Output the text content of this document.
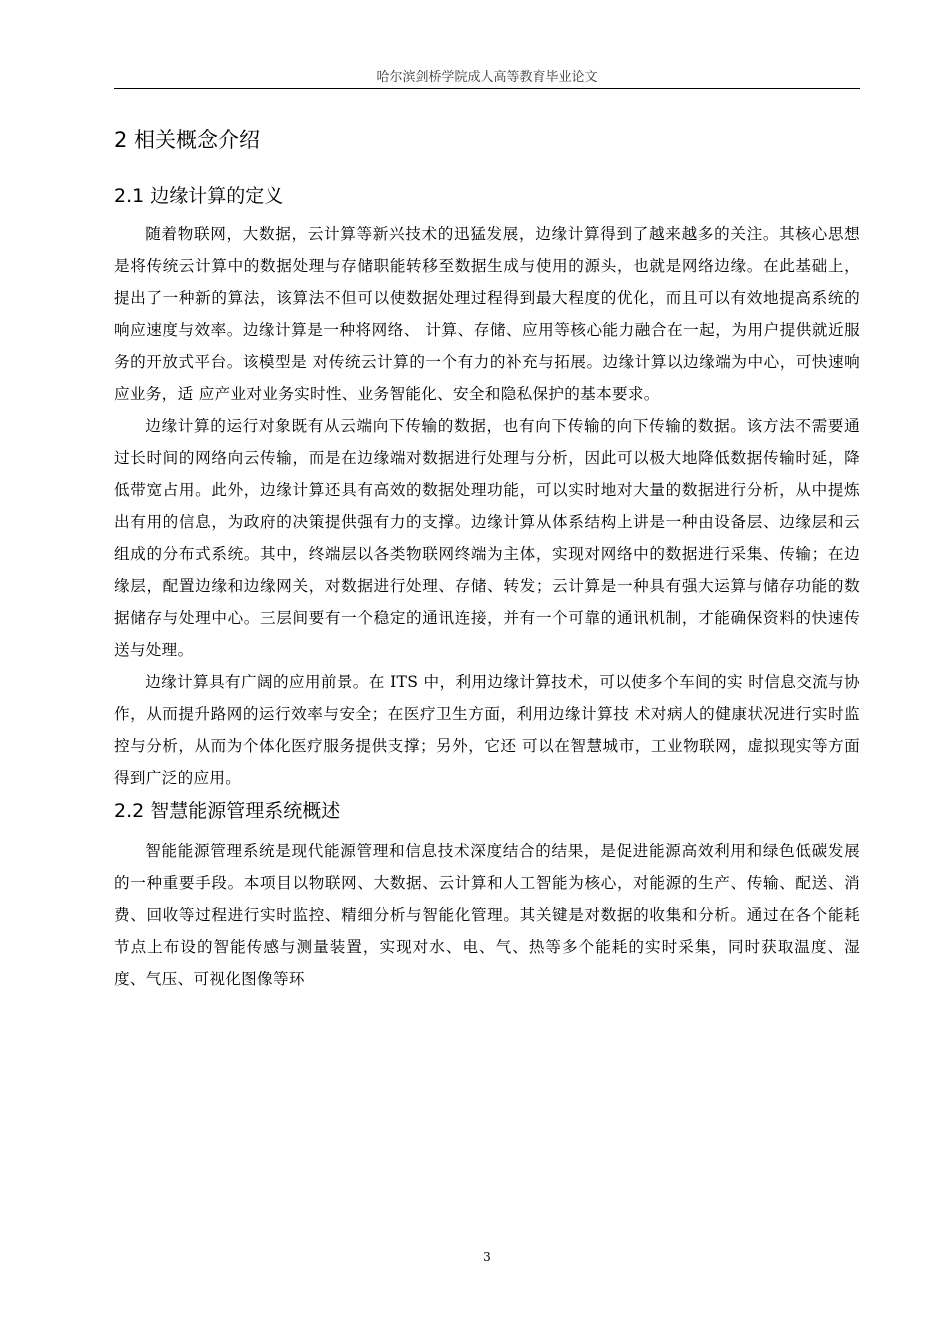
哈尔滨剑桥学院成人高等教育毕业论文
2 相关概念介绍
2.1 边缘计算的定义

随着物联网，大数据，云计算等新兴技术的迅猛发展，边缘计算得到了越来越多的关注。其核心思想是将传统云计算中的数据处理与存储职能转移至数据生成与使用的源头，也就是网络边缘。在此基础上，提出了一种新的算法，该算法不但可以使数据处理过程得到最大程度的优化，而且可以有效地提高系统的响应速度与效率。边缘计算是一种将网络、 计算、存储、应用等核心能力融合在一起，为用户提供就近服务的开放式平台。该模型是 对传统云计算的一个有力的补充与拓展。边缘计算以边缘端为中心，可快速响应业务，适 应产业对业务实时性、业务智能化、安全和隐私保护的基本要求。

边缘计算的运行对象既有从云端向下传输的数据，也有向下传输的向下传输的数据。该方法不需要通过长时间的网络向云传输，而是在边缘端对数据进行处理与分析，因此可以极大地降低数据传输时延，降低带宽占用。此外，边缘计算还具有高效的数据处理功能，可以实时地对大量的数据进行分析，从中提炼出有用的信息，为政府的决策提供强有力的支撑。边缘计算从体系结构上讲是一种由设备层、边缘层和云组成的分布式系统。其中，终端层以各类物联网终端为主体，实现对网络中的数据进行采集、传输；在边缘层，配置边缘和边缘网关，对数据进行处理、存储、转发；云计算是一种具有强大运算与储存功能的数据储存与处理中心。三层间要有一个稳定的通讯连接，并有一个可靠的通讯机制，才能确保资料的快速传送与处理。

边缘计算具有广阔的应用前景。在 ITS 中，利用边缘计算技术，可以使多个车间的实 时信息交流与协作，从而提升路网的运行效率与安全；在医疗卫生方面，利用边缘计算技 术对病人的健康状况进行实时监控与分析，从而为个体化医疗服务提供支撑；另外，它还 可以在智慧城市，工业物联网，虚拟现实等方面得到广泛的应用。

2.2 智慧能源管理系统概述

智能能源管理系统是现代能源管理和信息技术深度结合的结果，是促进能源高效利用和绿色低碳发展的一种重要手段。本项目以物联网、大数据、云计算和人工智能为核心，对能源的生产、传输、配送、消费、回收等过程进行实时监控、精细分析与智能化管理。其关键是对数据的收集和分析。通过在各个能耗节点上布设的智能传感与测量装置，实现对水、电、气、热等多个能耗的实时采集，同时获取温度、湿度、气压、可视化图像等环

3
